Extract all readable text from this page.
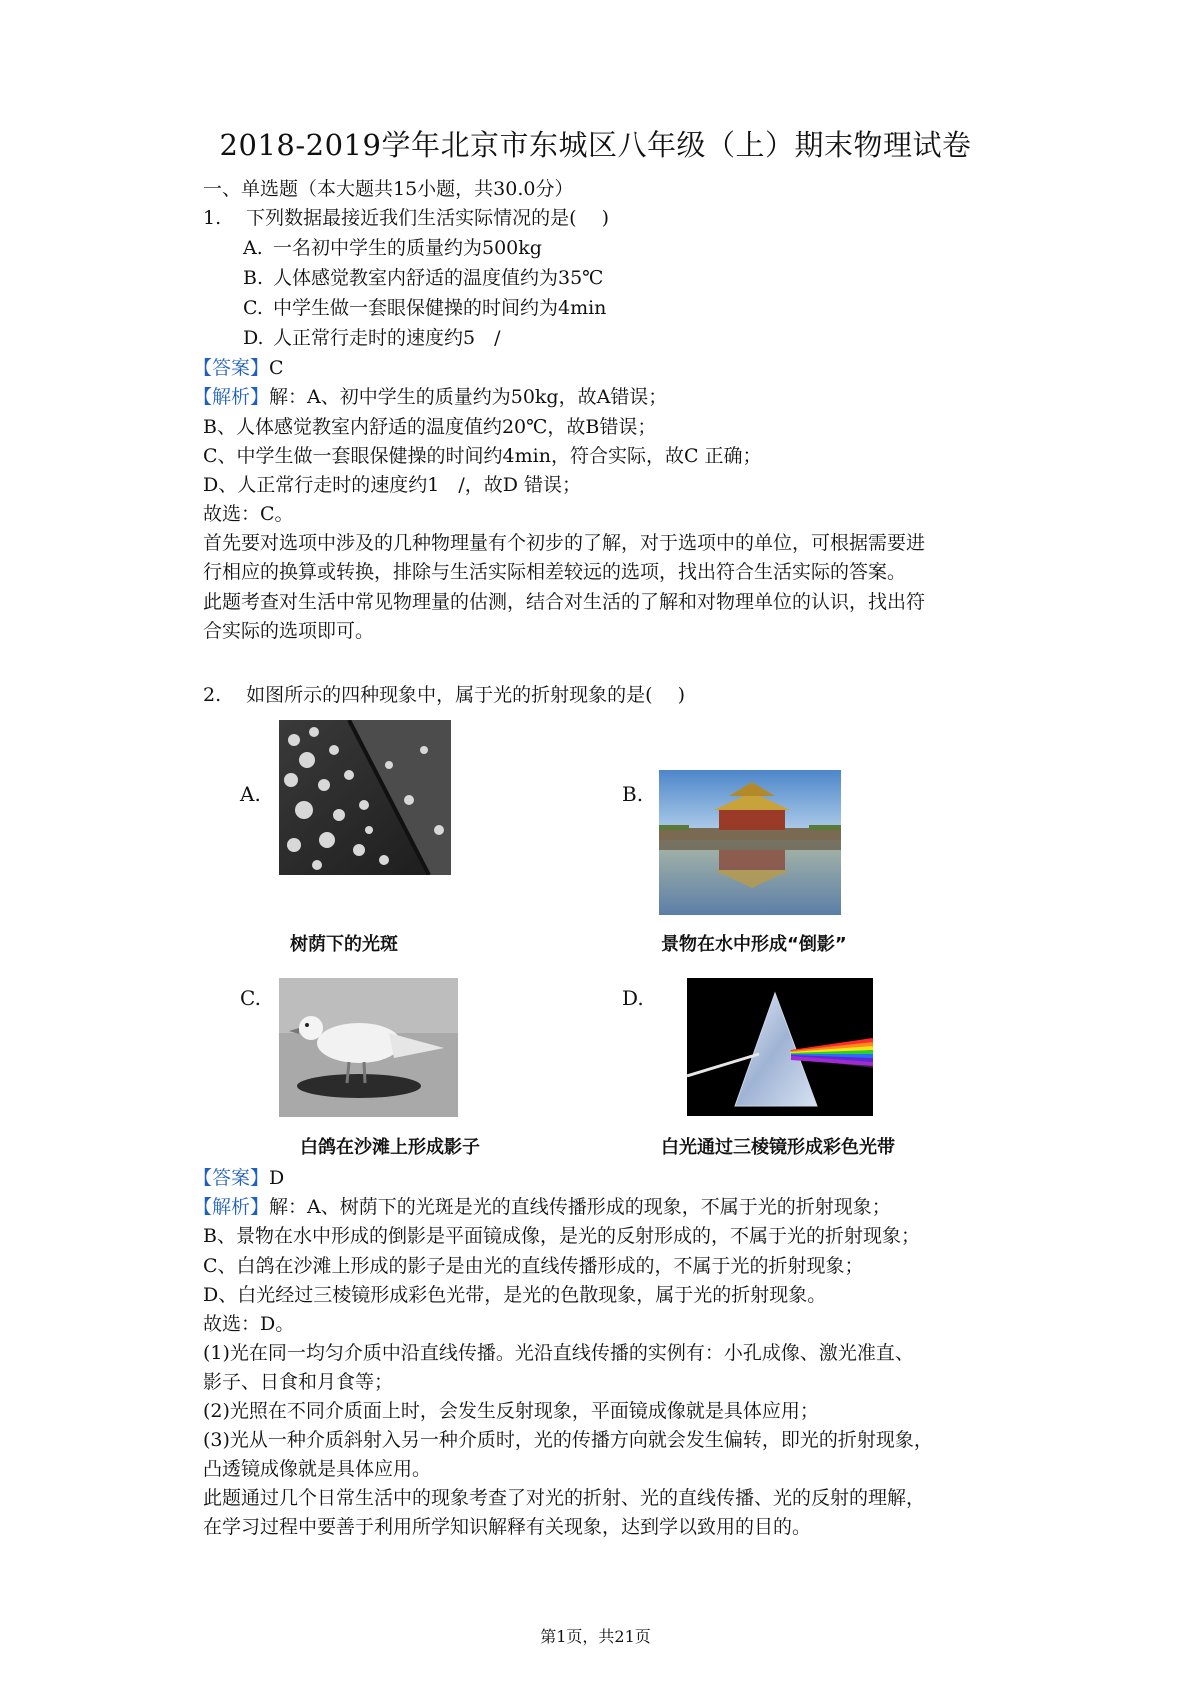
2018-2019学年北京市东城区八年级（上）期末物理试卷
一、单选题（本大题共15小题，共30.0分）
1.　 下列数据最接近我们生活实际情况的是(　 )
A. 一名初中学生的质量约为500kg
B. 人体感觉教室内舒适的温度值约为35℃
C. 中学生做一套眼保健操的时间约为4min
D. 人正常行走时的速度约5　/
【答案】C
【解析】解：A、初中学生的质量约为50kg，故A错误；
B、人体感觉教室内舒适的温度值约20℃，故B错误；
C、中学生做一套眼保健操的时间约4min，符合实际，故C 正确；
D、人正常行走时的速度约1　/，故D 错误；
故选：C。
首先要对选项中涉及的几种物理量有个初步的了解，对于选项中的单位，可根据需要进
行相应的换算或转换，排除与生活实际相差较远的选项，找出符合生活实际的答案。
此题考查对生活中常见物理量的估测，结合对生活的了解和对物理单位的认识，找出符
合实际的选项即可。
2.　 如图所示的四种现象中，属于光的折射现象的是(　 )
A.
树荫下的光斑
B.
景物在水中形成“倒影”
C.
白鸽在沙滩上形成影子
D.
白光通过三棱镜形成彩色光带
【答案】D
【解析】解：A、树荫下的光斑是光的直线传播形成的现象，不属于光的折射现象；
B、景物在水中形成的倒影是平面镜成像，是光的反射形成的，不属于光的折射现象；
C、白鸽在沙滩上形成的影子是由光的直线传播形成的，不属于光的折射现象；
D、白光经过三棱镜形成彩色光带，是光的色散现象，属于光的折射现象。
故选：D。
(1)光在同一均匀介质中沿直线传播。光沿直线传播的实例有：小孔成像、激光准直、
影子、日食和月食等；
(2)光照在不同介质面上时，会发生反射现象，平面镜成像就是具体应用；
(3)光从一种介质斜射入另一种介质时，光的传播方向就会发生偏转，即光的折射现象，
凸透镜成像就是具体应用。
此题通过几个日常生活中的现象考查了对光的折射、光的直线传播、光的反射的理解，
在学习过程中要善于利用所学知识解释有关现象，达到学以致用的目的。
第1页，共21页
